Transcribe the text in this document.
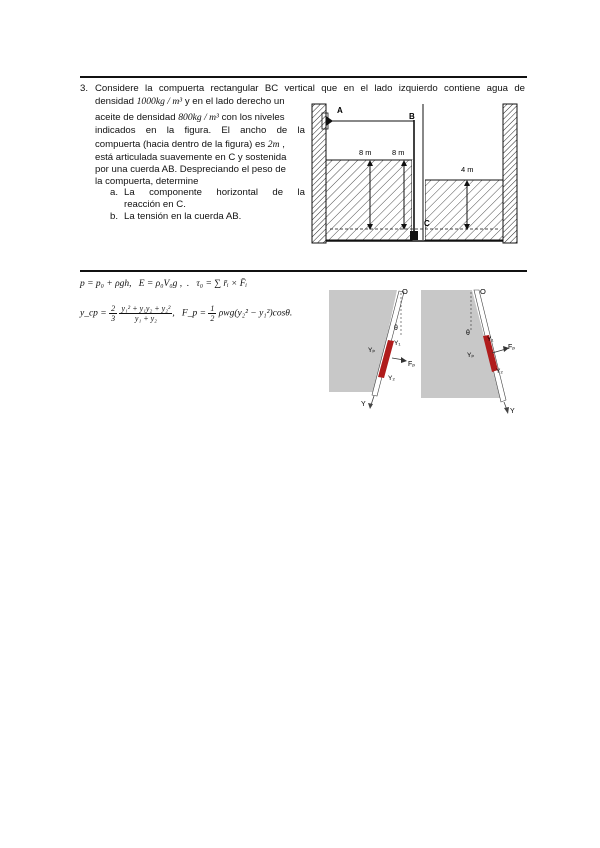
3. Considere la compuerta rectangular BC vertical que en el lado izquierdo contiene agua de
densidad 1000kg / m³ y en el lado derecho un
aceite de densidad 800kg / m³ con los niveles
indicados en la figura. El ancho de la
compuerta (hacia dentro de la figura) es 2m ,
está articulada suavemente en C y sostenida
por una cuerda AB. Despreciando el peso de
la compuerta, determine
a. La componente horizontal de la
reacción en C.
b. La tensión en la cuerda AB.
A
B
C
8 m	8 m
4 m
p = p₀ + ρgh, E = ρ₀V₀g ,  .   τ₀ = ∑ r̄ᵢ × F̄ᵢ
y_cp = $\frac{2}{3}$
$\frac{\text{y₁² + y₁y₂ + y₂²}}{\text{y₁ + y₂}}$ ,   F_p = $\frac{1}{2} \rho wg(y_2^2 - y_1^2)\cos\theta$.
O
θ
Yₚ
Y₁
Fₚ
Y₂
Y
O
θ
Yₚ
Y₁
Fₚ
Y₂
Y
